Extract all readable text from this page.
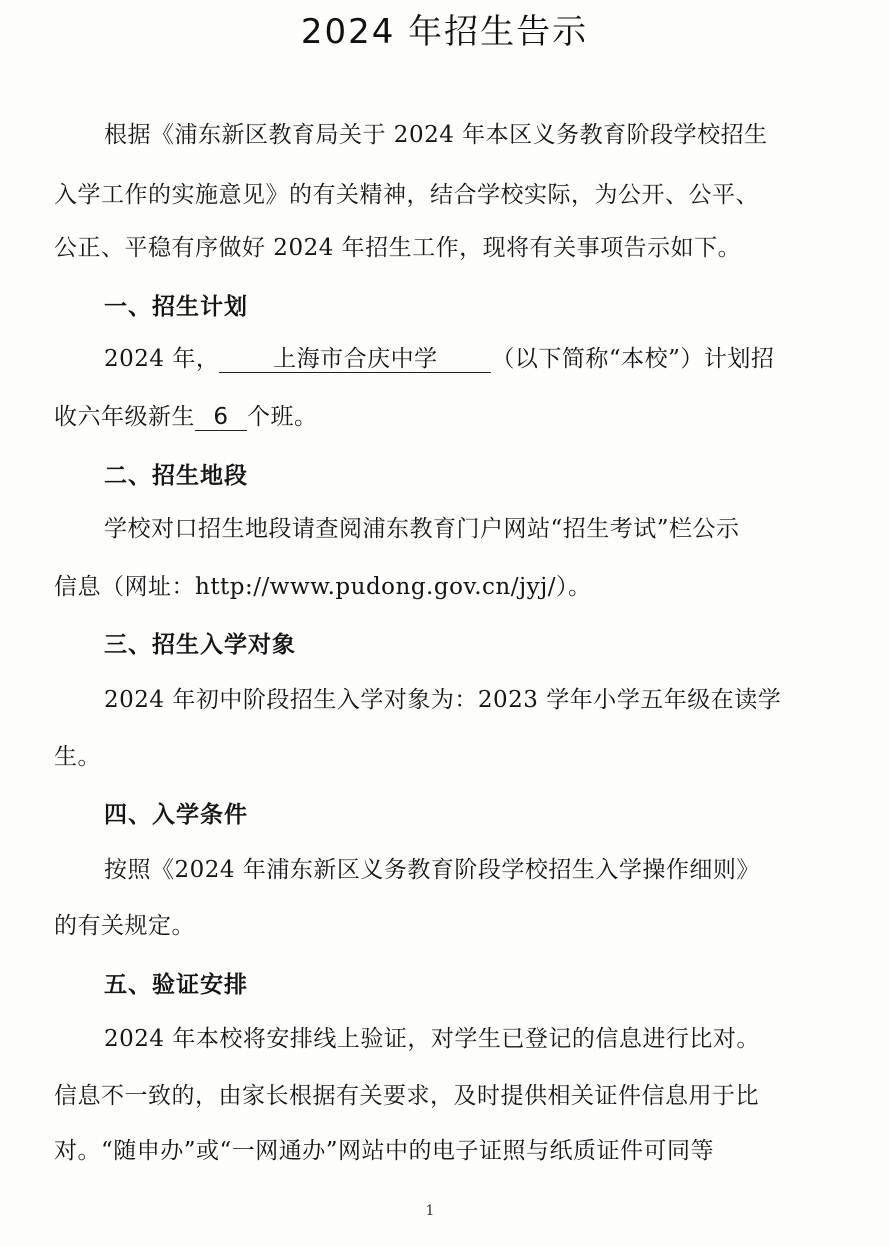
2024 年招生告示
根据《浦东新区教育局关于 2024 年本区义务教育阶段学校招生
入学工作的实施意见》的有关精神，结合学校实际，为公开、公平、
公正、平稳有序做好 2024 年招生工作，现将有关事项告示如下。
一、招生计划
2024 年， 上海市合庆中学 （以下简称“本校”）计划招
收六年级新生 6 个班。
二、招生地段
学校对口招生地段请查阅浦东教育门户网站“招生考试”栏公示
信息（网址：http://www.pudong.gov.cn/jyj/）。
三、招生入学对象
2024 年初中阶段招生入学对象为：2023 学年小学五年级在读学
生。
四、入学条件
按照《2024 年浦东新区义务教育阶段学校招生入学操作细则》
的有关规定。
五、验证安排
2024 年本校将安排线上验证，对学生已登记的信息进行比对。
信息不一致的，由家长根据有关要求，及时提供相关证件信息用于比
对。“随申办”或“一网通办”网站中的电子证照与纸质证件可同等
1
